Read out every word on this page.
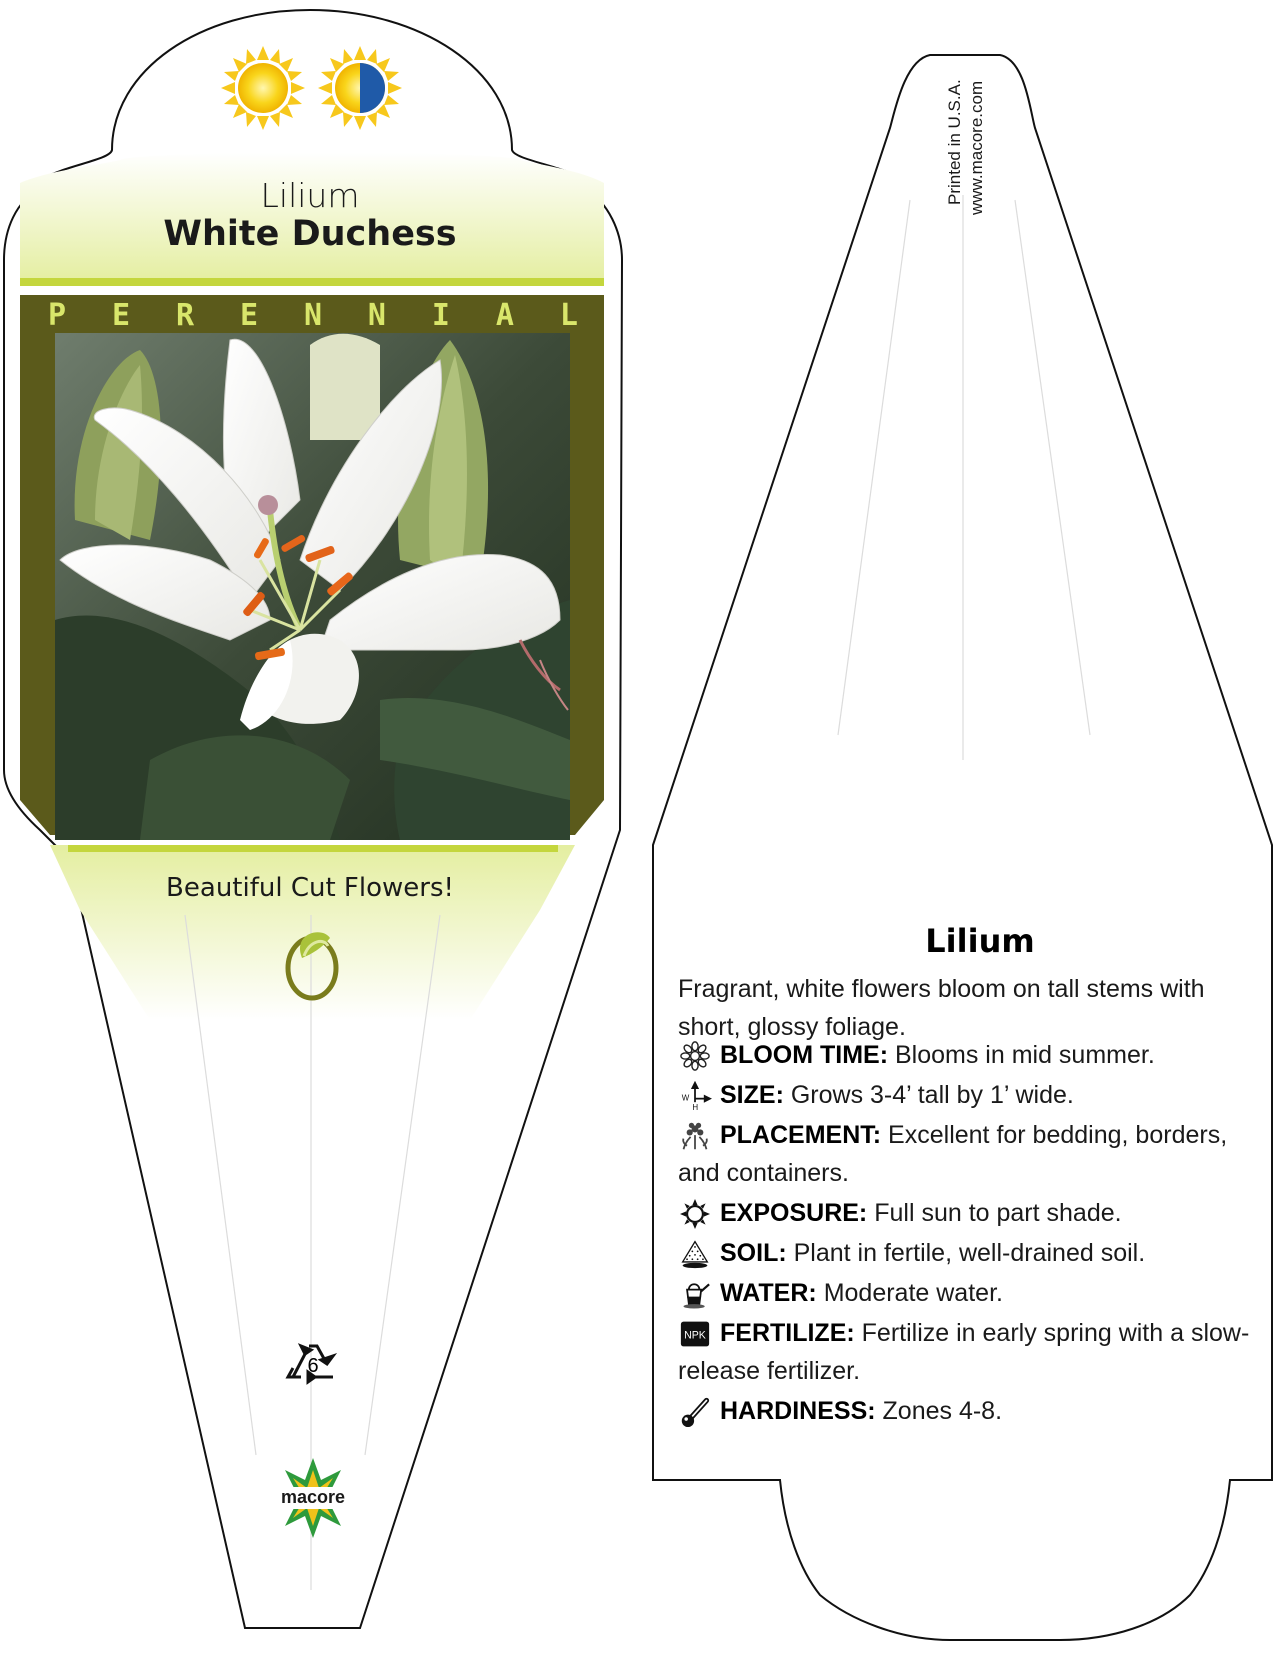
Lilium
White Duchess
P E R E N N I A L
Beautiful Cut Flowers!
6
macore
Printed in U.S.A. www.macore.com
Lilium
Fragrant, white flowers bloom on tall stems with short, glossy foliage.
BLOOM TIME: Blooms in mid summer.
W
H SIZE: Grows 3-4’ tall by 1’ wide.
PLACEMENT: Excellent for bedding, borders, and containers.
EXPOSURE: Full sun to part shade.
SOIL: Plant in fertile, well-drained soil.
WATER: Moderate water.
NPK FERTILIZE: Fertilize in early spring with a slow-release fertilizer.
HARDINESS: Zones 4-8.
